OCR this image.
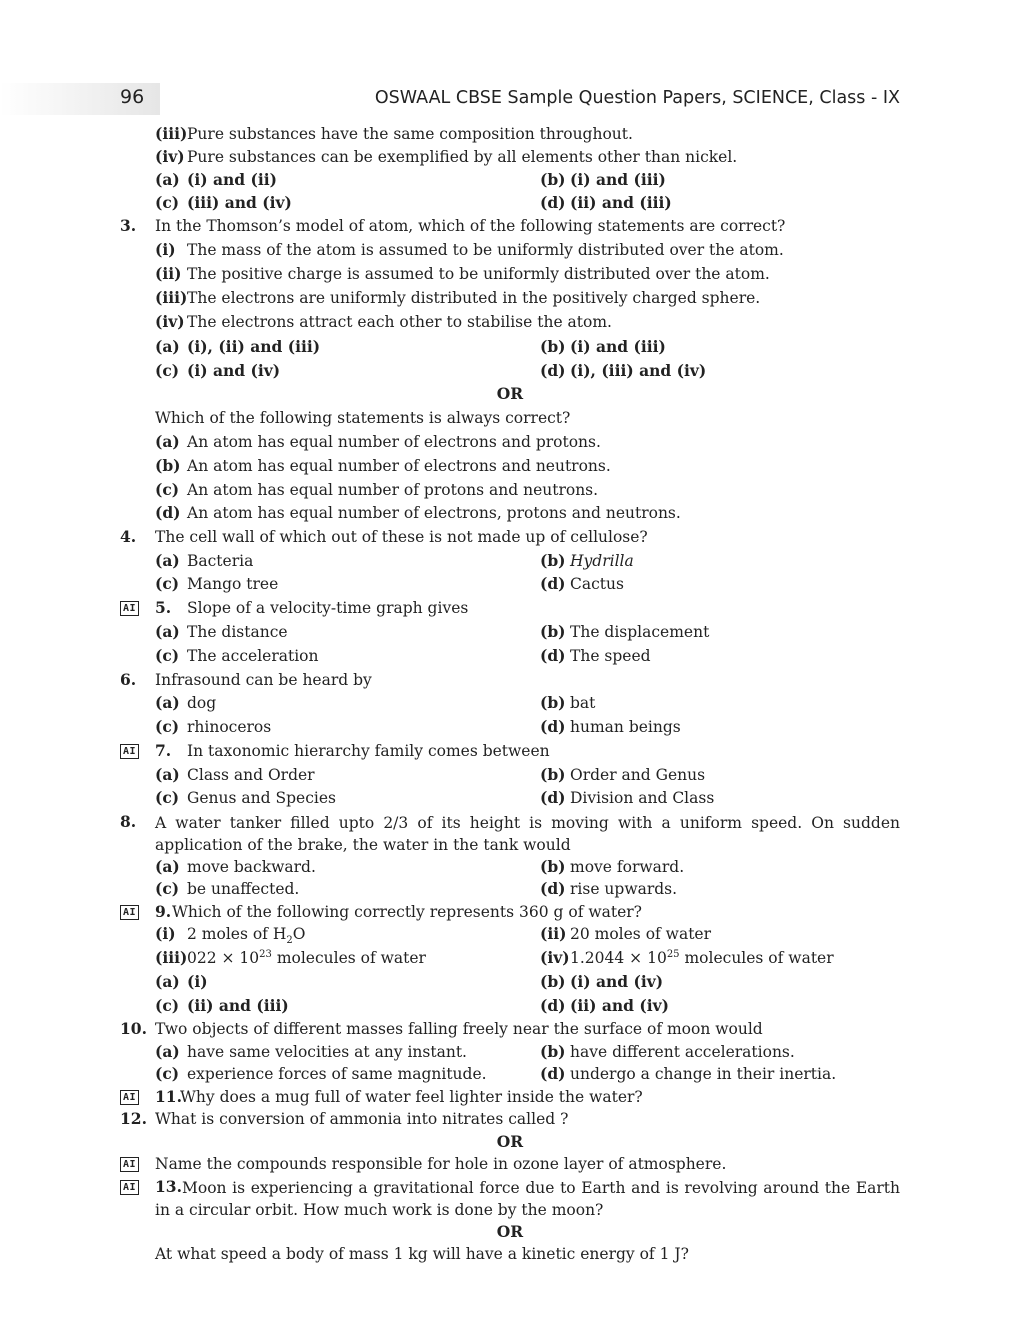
96	OSWAAL CBSE Sample Question Papers, SCIENCE, Class - IX
(iii) Pure substances have the same composition throughout.
(iv) Pure substances can be exemplified by all elements other than nickel.
(a) (i) and (ii)	(b) (i) and (iii)
(c) (iii) and (iv)	(d) (ii) and (iii)
3. In the Thomson’s model of atom, which of the following statements are correct?
(i) The mass of the atom is assumed to be uniformly distributed over the atom.
(ii) The positive charge is assumed to be uniformly distributed over the atom.
(iii) The electrons are uniformly distributed in the positively charged sphere.
(iv) The electrons attract each other to stabilise the atom.
(a) (i), (ii) and (iii)	(b) (i) and (iii)
(c) (i) and (iv)	(d) (i), (iii) and (iv)
OR
Which of the following statements is always correct?
(a) An atom has equal number of electrons and protons.
(b) An atom has equal number of electrons and neutrons.
(c) An atom has equal number of protons and neutrons.
(d) An atom has equal number of electrons, protons and neutrons.
4. The cell wall of which out of these is not made up of cellulose?
(a) Bacteria	(b) Hydrilla
(c) Mango tree	(d) Cactus
AI 5. Slope of a velocity-time graph gives
(a) The distance	(b) The displacement
(c) The acceleration	(d) The speed
6. Infrasound can be heard by
(a) dog	(b) bat
(c) rhinoceros	(d) human beings
AI 7. In taxonomic hierarchy family comes between
(a) Class and Order	(b) Order and Genus
(c) Genus and Species	(d) Division and Class
8. A water tanker filled upto 2/3 of its height is moving with a uniform speed. On sudden application of the brake, the water in the tank would
(a) move backward.	(b) move forward.
(c) be unaffected.	(d) rise upwards.
AI 9. Which of the following correctly represents 360 g of water?
(i) 2 moles of $H_2O$	(ii) 20 moles of water
(iii) $022 \times 10^{23}$ molecules of water	(iv) $1.2044 \times 10^{25}$ molecules of water
(a) (i)	(b) (i) and (iv)
(c) (ii) and (iii)	(d) (ii) and (iv)
10. Two objects of different masses falling freely near the surface of moon would
(a) have same velocities at any instant.	(b) have different accelerations.
(c) experience forces of same magnitude.	(d) undergo a change in their inertia.
AI 11.
Why does a mug full of water feel lighter inside the water?
12. What is conversion of ammonia into nitrates called ?
OR
AI Name the compounds responsible for hole in ozone layer of atmosphere.
AI 13. Moon is experiencing a gravitational force due to Earth and is revolving around the Earth in a circular orbit. How much work is done by the moon?
OR
At what speed a body of mass 1 kg will have a kinetic energy of 1 J?
